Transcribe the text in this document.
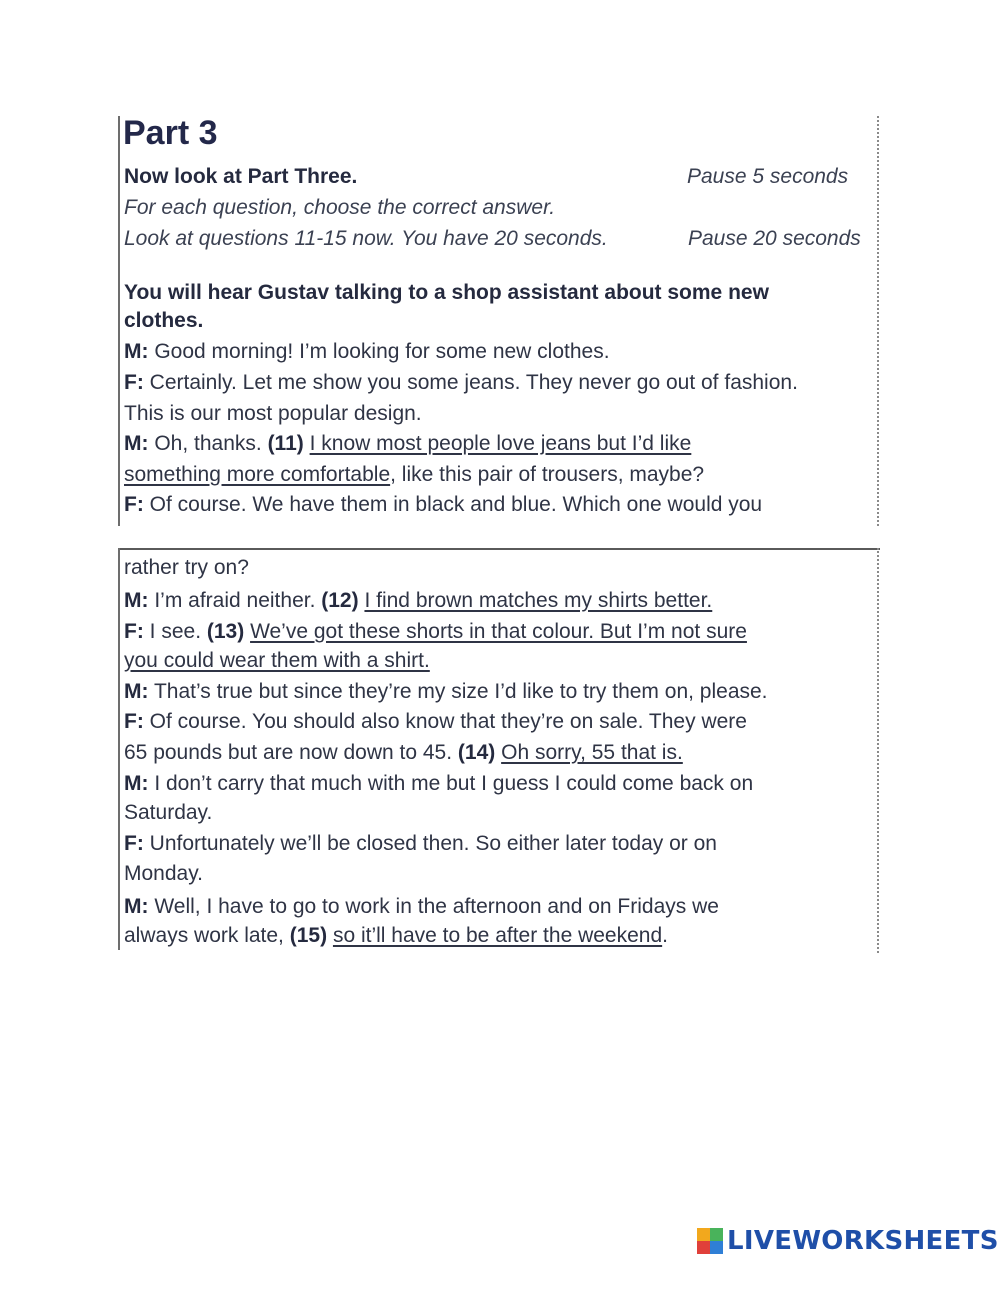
Part 3
Now look at Part Three.	Pause 5 seconds
For each question, choose the correct answer.
Look at questions 11-15 now. You have 20 seconds.	Pause 20 seconds
You will hear Gustav talking to a shop assistant about some new
clothes.
M: Good morning! I’m looking for some new clothes.
F: Certainly. Let me show you some jeans. They never go out of fashion.
This is our most popular design.
M: Oh, thanks. (11) I know most people love jeans but I’d like
something more comfortable, like this pair of trousers, maybe?
F: Of course. We have them in black and blue. Which one would you
rather try on?
M: I’m afraid neither. (12) I find brown matches my shirts better.
F: I see. (13) We’ve got these shorts in that colour. But I’m not sure
you could wear them with a shirt.
M: That’s true but since they’re my size I’d like to try them on, please.
F: Of course. You should also know that they’re on sale. They were
65 pounds but are now down to 45. (14) Oh sorry, 55 that is.
M: I don’t carry that much with me but I guess I could come back on
Saturday.
F: Unfortunately we’ll be closed then. So either later today or on
Monday.
M: Well, I have to go to work in the afternoon and on Fridays we
always work late, (15) so it’ll have to be after the weekend.
LIVEWORKSHEETS
